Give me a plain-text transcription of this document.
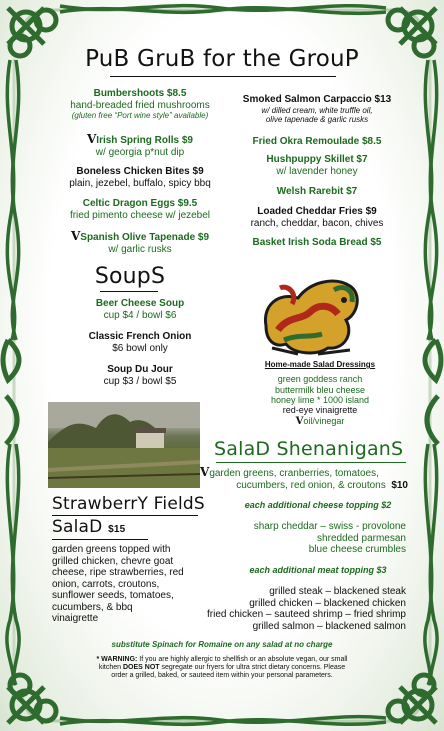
PuB GruB for the GrouP
Bumbershoots $8.5
hand-breaded fried mushrooms
(gluten free “Port wine style” available)
VIrish Spring Rolls $9
w/ georgia p*nut dip
Boneless Chicken Bites $9
plain, jezebel, buffalo, spicy bbq
Celtic Dragon Eggs $9.5
fried pimento cheese w/ jezebel
VSpanish Olive Tapenade $9
w/ garlic rusks
Smoked Salmon Carpaccio $13
w/ dilled cream, white truffle oil,
olive tapenade & garlic rusks
Fried Okra Remoulade $8.5
Hushpuppy Skillet $7
w/ lavender honey
Welsh Rarebit $7
Loaded Cheddar Fries $9
ranch, cheddar, bacon, chives
Basket Irish Soda Bread $5
SoupS
Beer Cheese Soup
cup $4 / bowl $6
Classic French Onion
$6 bowl only
Soup Du Jour
cup $3 / bowl $5
Home-made Salad Dressings
green goddess ranch
buttermilk bleu cheese
honey lime * 1000 island
red-eye vinaigrette
Voil/vinegar
SalaD ShenaniganS
Vgarden greens, cranberries, tomatoes,
cucumbers, red onion, & croutons $10
each additional cheese topping $2
sharp cheddar – swiss - provolone
shredded parmesan
blue cheese crumbles
each additional meat topping $3
grilled steak – blackened steak
grilled chicken – blackened chicken
fried chicken – sauteed shrimp – fried shrimp
grilled salmon – blackened salmon
StrawberrY FieldS
SalaD $15
garden greens topped with
grilled chicken, chevre goat
cheese, ripe strawberries, red
onion, carrots, croutons,
sunflower seeds, tomatoes,
cucumbers, & bbq
vinaigrette
substitute Spinach for Romaine on any salad at no charge
* WARNING: If you are highly allergic to shellfish or an absolute vegan, our small
kitchen DOES NOT segregate our fryers for ultra strict dietary concerns. Please
order a grilled, baked, or sauteed item within your personal parameters.
